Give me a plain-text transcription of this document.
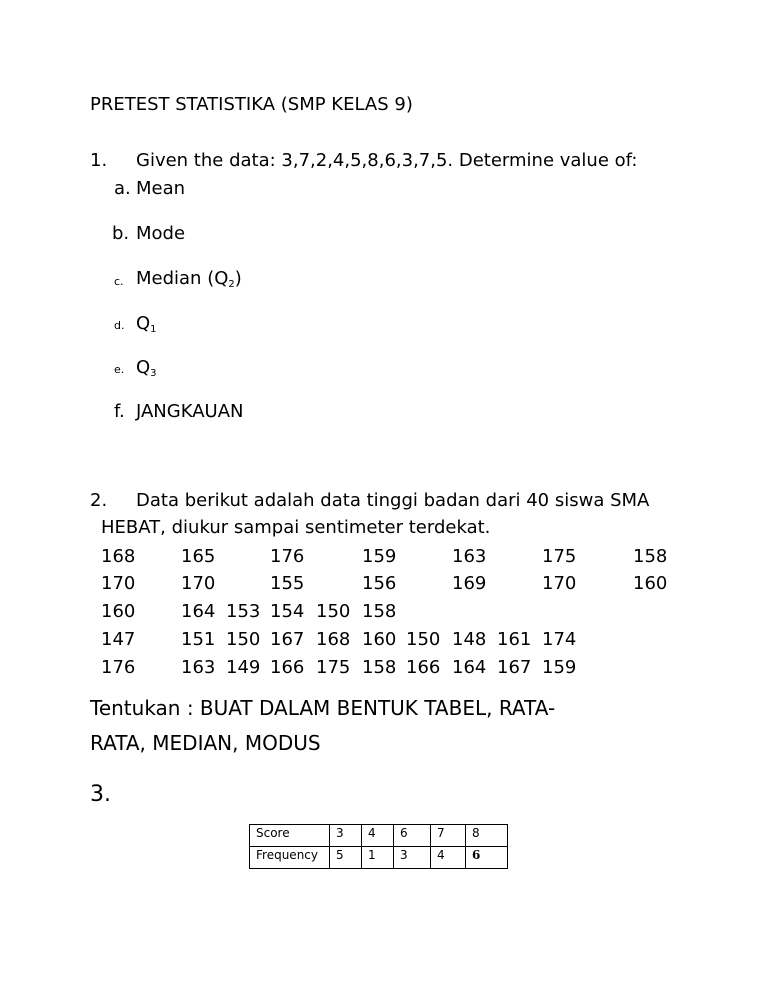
PRETEST STATISTIKA (SMP KELAS 9)
1. Given the data: 3,7,2,4,5,8,6,3,7,5. Determine value of:
a. Mean
b. Mode
c. Median $(Q_2)$
d. $Q_1$
e. $Q_3$
f. JANGKAUAN
2. Data berikut adalah data tinggi badan dari 40 siswa SMA
HEBAT, diukur sampai sentimeter terdekat.
168	165	176	159	163	175	158
170	170	155	156	169	170	160
160	164 153 154 150 158
147	151 150 167 168 160 150 148 161 174
176	163 149 166 175 158 166 164 167 159
Tentukan : BUAT DALAM BENTUK TABEL, RATA-
RATA, MEDIAN, MODUS
3.
Score	3	4	6	7	8
Frequency	5	1	3	4	6
